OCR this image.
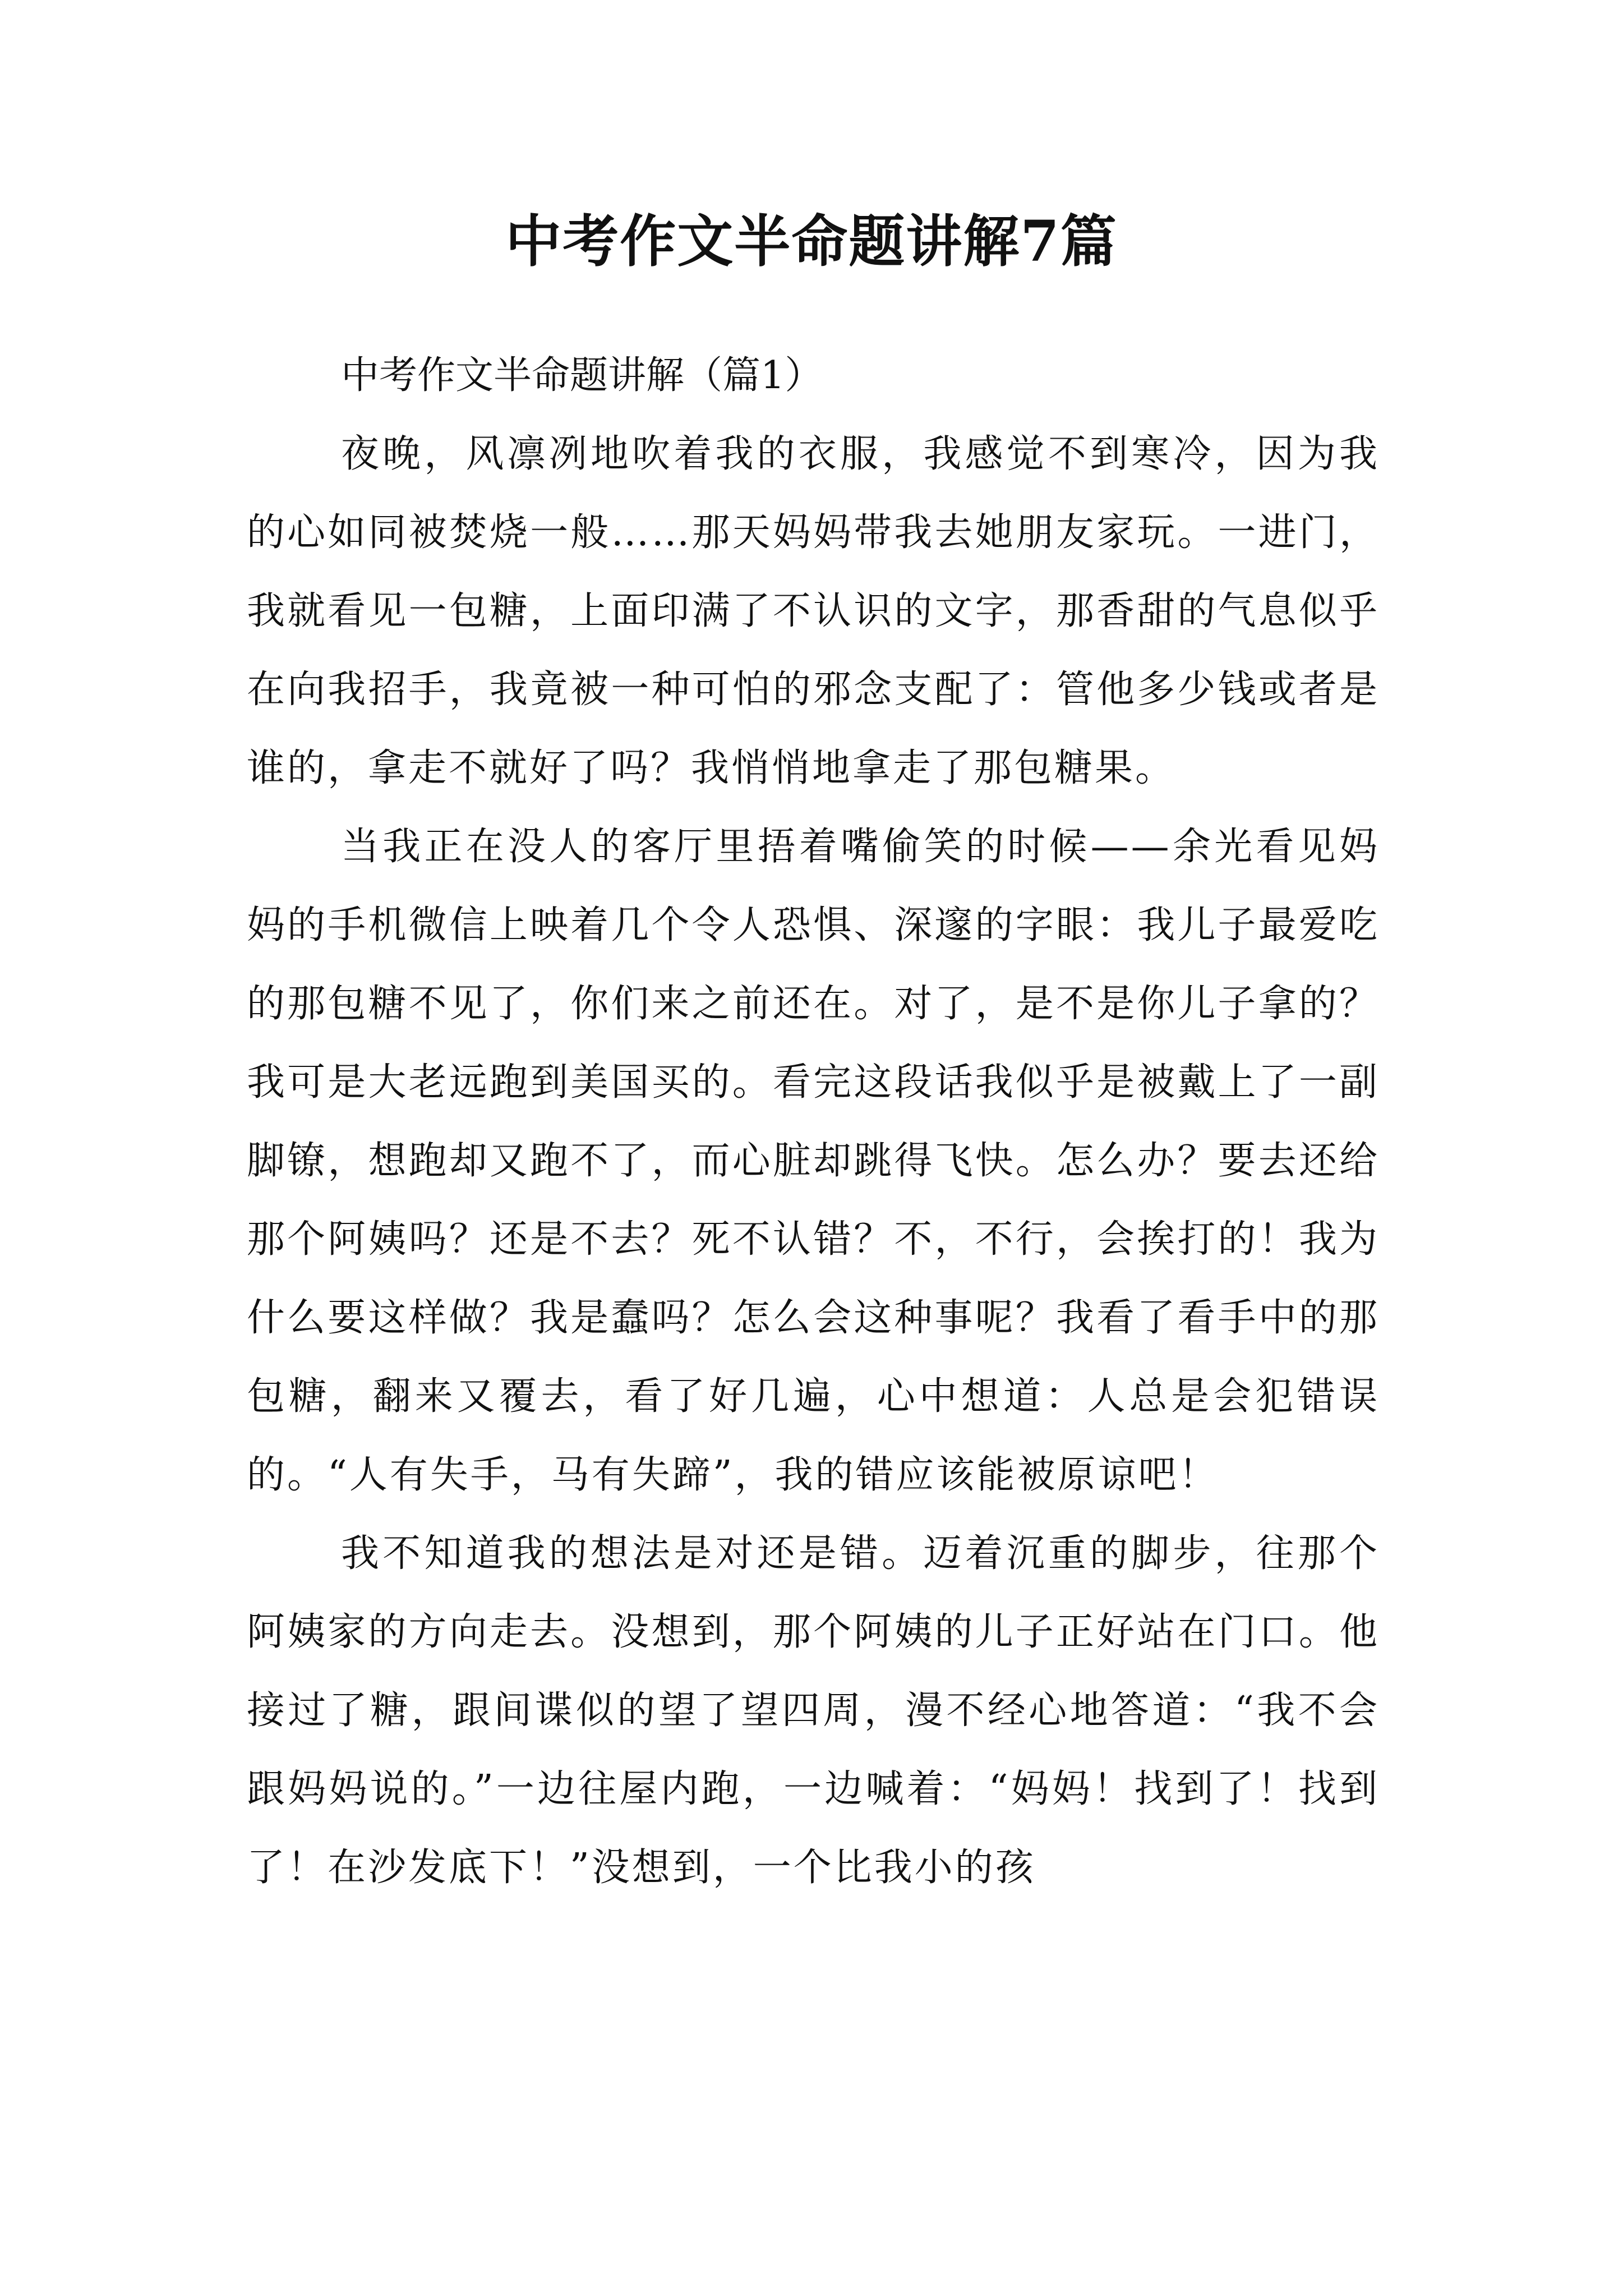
中考作文半命题讲解7篇
中考作文半命题讲解（篇1）

夜晚，风凛冽地吹着我的衣服，我感觉不到寒冷，因为我的心如同被焚烧一般……那天妈妈带我去她朋友家玩。一进门，我就看见一包糖，上面印满了不认识的文字，那香甜的气息似乎在向我招手，我竟被一种可怕的邪念支配了：管他多少钱或者是谁的，拿走不就好了吗？我悄悄地拿走了那包糖果。

当我正在没人的客厅里捂着嘴偷笑的时候——余光看见妈妈的手机微信上映着几个令人恐惧、深邃的字眼：我儿子最爱吃的那包糖不见了，你们来之前还在。对了，是不是你儿子拿的？我可是大老远跑到美国买的。看完这段话我似乎是被戴上了一副脚镣，想跑却又跑不了，而心脏却跳得飞快。怎么办？要去还给那个阿姨吗？还是不去？死不认错？不，不行，会挨打的！我为什么要这样做？我是蠢吗？怎么会这种事呢？我看了看手中的那包糖，翻来又覆去，看了好几遍，心中想道：人总是会犯错误的。“人有失手，马有失蹄”，我的错应该能被原谅吧！

我不知道我的想法是对还是错。迈着沉重的脚步，往那个阿姨家的方向走去。没想到，那个阿姨的儿子正好站在门口。他接过了糖，跟间谍似的望了望四周，漫不经心地答道：“我不会跟妈妈说的。”一边往屋内跑，一边喊着：“妈妈！找到了！找到了！在沙发底下！”没想到，一个比我小的孩
